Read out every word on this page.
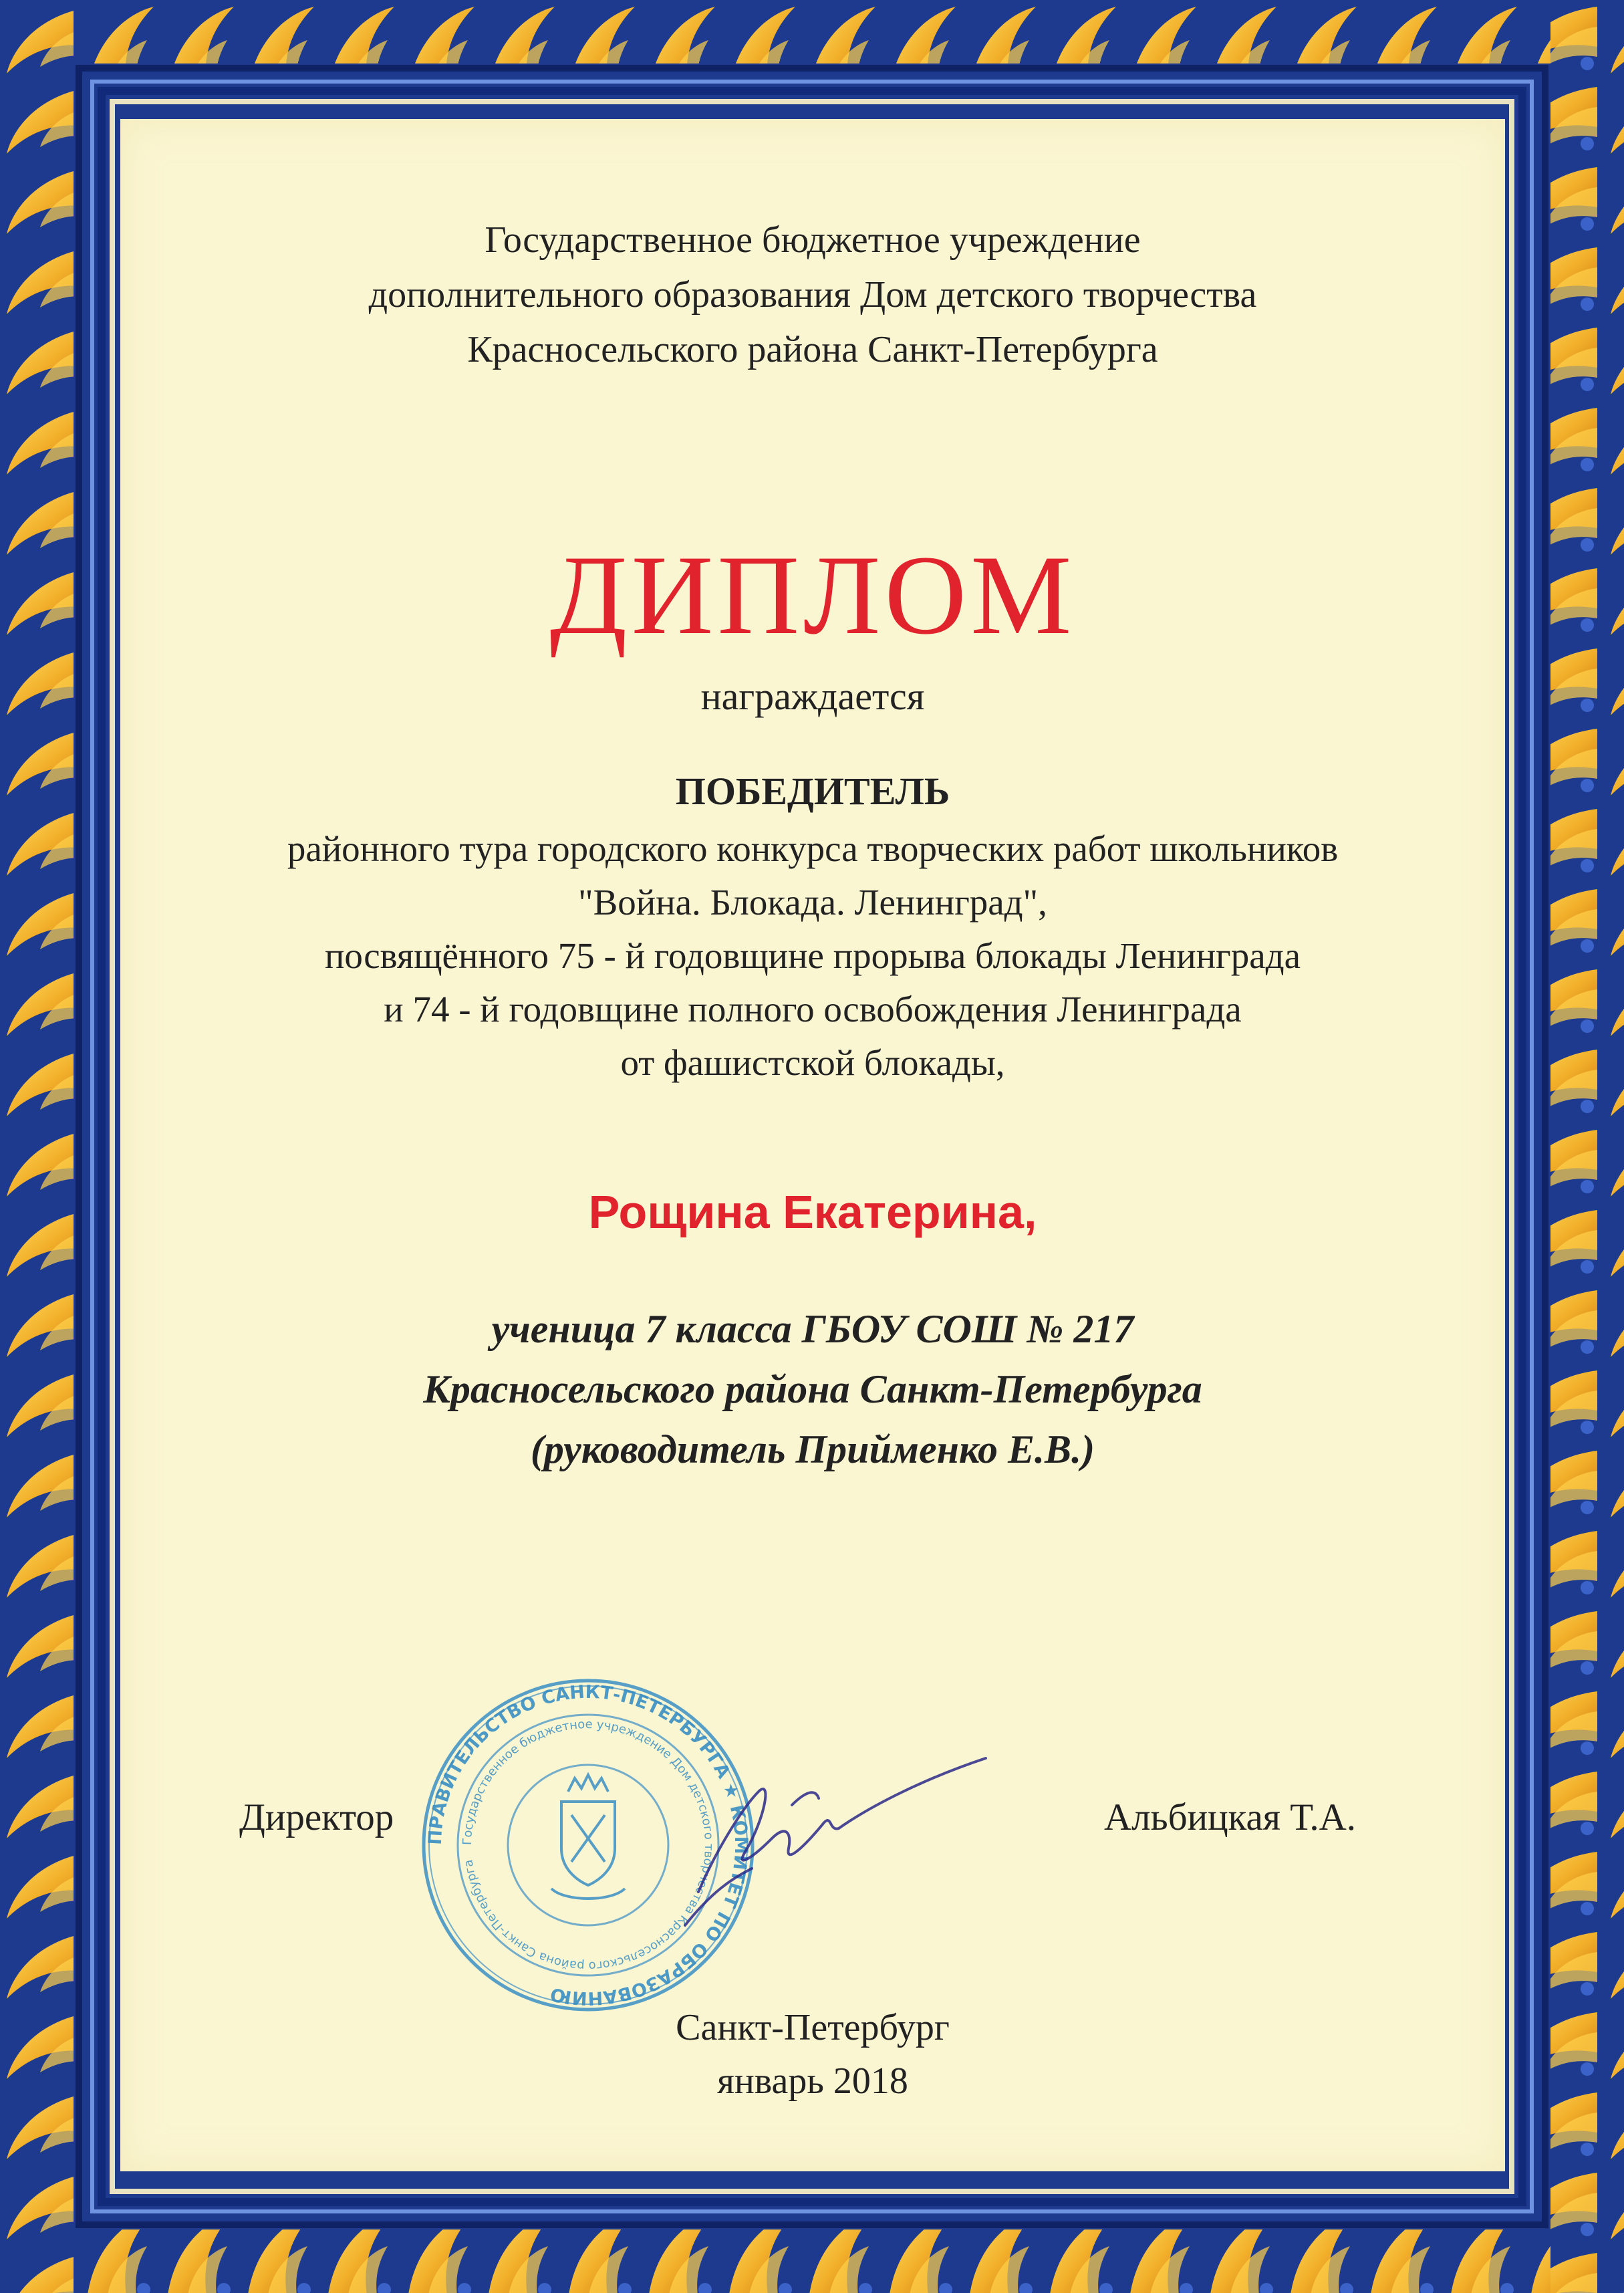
Государственное бюджетное учреждение
дополнительного образования Дом детского творчества
Красносельского района Санкт-Петербурга
ДИПЛОМ
награждается
ПОБЕДИТЕЛЬ
районного тура городского конкурса творческих работ школьников
"Война. Блокада. Ленинград",
посвящённого 75 - й годовщине прорыва блокады Ленинграда
и 74 - й годовщине полного освобождения Ленинграда
от фашистской блокады,
Рощина Екатерина,
ученица 7 класса ГБОУ СОШ № 217
Красносельского района Санкт-Петербурга
(руководитель Прийменко Е.В.)
Директор	Альбицкая Т.А.
Санкт-Петербург
январь 2018
ПРАВИТЕЛЬСТВО САНКТ-ПЕТЕРБУРГА ★ КОМИТЕТ ПО ОБРАЗОВАНИЮ
Государственное бюджетное учреждение Дом детского творчества Красносельского района Санкт-Петербурга
